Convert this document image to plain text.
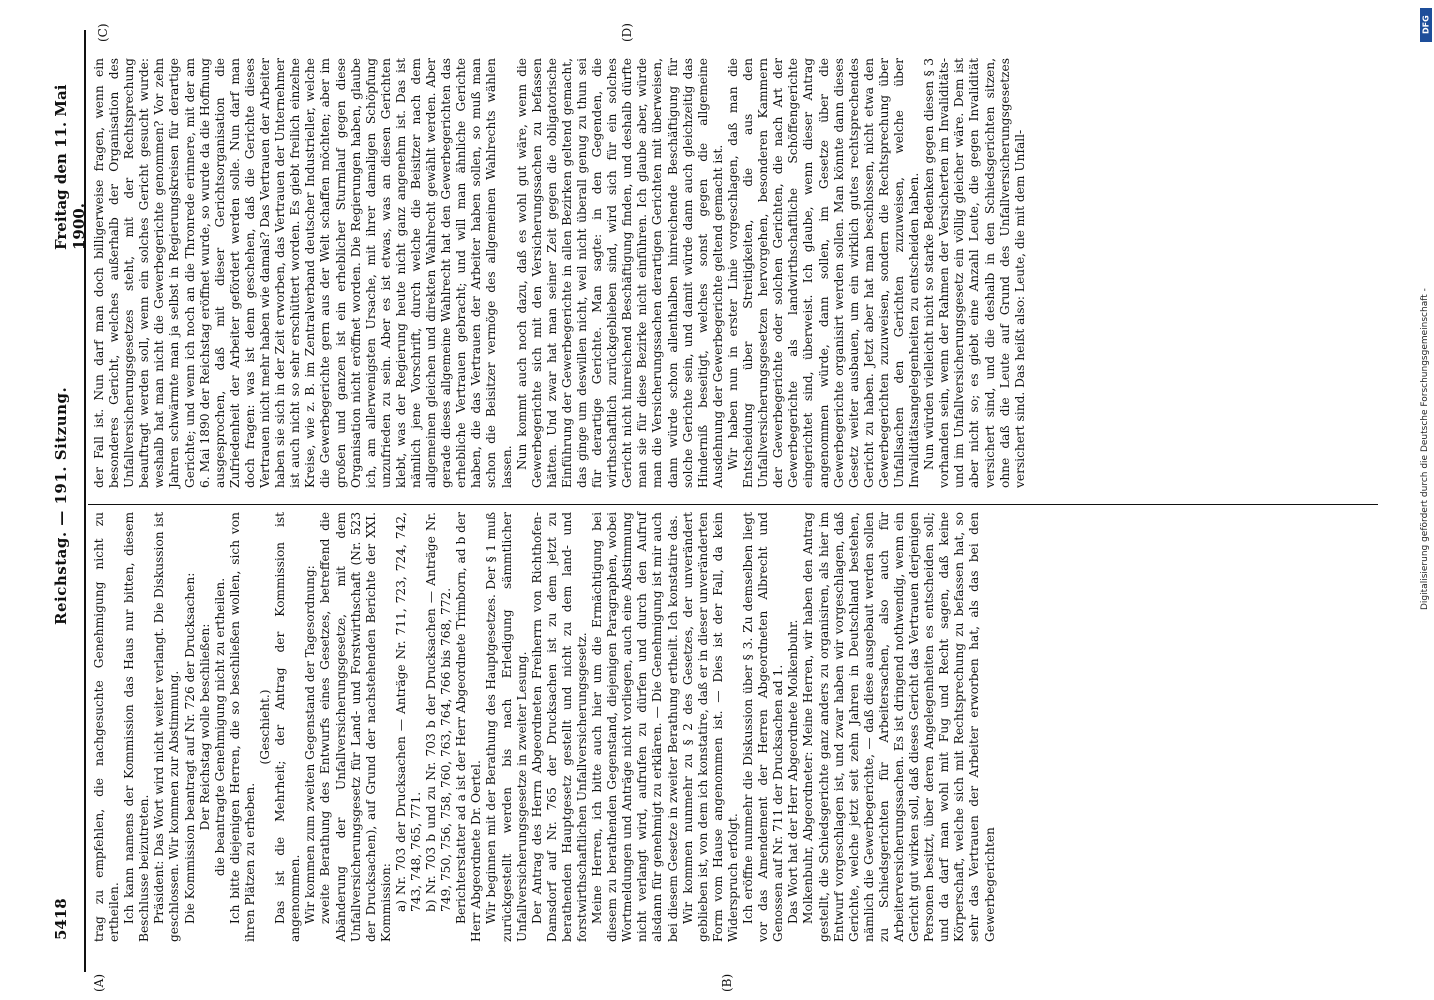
5418
Reichstag. — 191. Sitzung.
Freitag den 11. Mai 1900.
(A)	(B)
(C)	(D)

trag zu empfehlen, die nachgesuchte Genehmigung nicht zu ertheilen. Ich kann namens der Kommission das Haus nur bitten, diesem Beschlusse beizutreten. Präsident: Das Wort wird nicht weiter verlangt. Die Diskussion ist geschlossen. Wir kommen zur Abstimmung. Die Kommission beantragt auf Nr. 726 der Drucksachen: Der Reichstag wolle beschließen: die beantragte Genehmigung nicht zu ertheilen. Ich bitte diejenigen Herren, die so beschließen wollen, sich von ihren Plätzen zu erheben.

(Geschieht.) Das ist die Mehrheit; der Antrag der Kommission ist angenommen. Wir kommen zum zweiten Gegenstand der Tagesordnung: zweite Berathung des Entwurfs eines Gesetzes, betreffend die Abänderung der Unfallversicherungsgesetze, mit dem Unfallversicherungsgesetz für Land- und Forstwirthschaft (Nr. 523 der Drucksachen), auf Grund der nachstehenden Berichte der XXI. Kommission: a) Nr. 703 der Drucksachen — Anträge Nr. 711, 723, 724, 742, 743, 748, 765, 771. b) Nr. 703 b und zu Nr. 703 b der Drucksachen — Anträge Nr. 749, 750, 756, 758, 760, 763, 764, 766 bis 768, 772. Berichterstatter ad a ist der Herr Abgeordnete Trimborn, ad b der Herr Abgeordnete Dr. Oertel. Wir beginnen mit der Berathung des Hauptgesetzes. Der § 1 muß zurückgestellt werden bis nach Erledigung sämmtlicher Unfallversicherungsgesetze in zweiter Lesung. Der Antrag des Herrn Abgeordneten Freiherrn von Richthofen-Damsdorf auf Nr. 765 der Drucksachen ist zu dem jetzt zu berathenden Hauptgesetz gestellt und nicht zu dem land- und forstwirthschaftlichen Unfallversicherungsgesetz. Meine Herren, ich bitte auch hier um die Ermächtigung bei diesem zu berathenden Gegenstand, diejenigen Paragraphen, wobei Wortmeldungen und Anträge nicht vorliegen, auch eine Abstimmung nicht verlangt wird, aufrufen zu dürfen und durch den Aufruf alsdann für genehmigt zu erklären. — Die Genehmigung ist mir auch bei diesem Gesetze in zweiter Berathung ertheilt. Ich konstatire das. Wir kommen nunmehr zu § 2 des Gesetzes, der unverändert geblieben ist, von dem ich konstatire, daß er in dieser unveränderten Form vom Hause angenommen ist. — Dies ist der Fall, da kein Widerspruch erfolgt. Ich eröffne nunmehr die Diskussion über § 3. Zu demselben liegt vor das Amendement der Herren Abgeordneten Albrecht und Genossen auf Nr. 711 der Drucksachen ad 1. Das Wort hat der Herr Abgeordnete Molkenbuhr. Molkenbuhr, Abgeordneter: Meine Herren, wir haben den Antrag gestellt, die Schiedsgerichte ganz anders zu organisiren, als hier im Entwurf vorgeschlagen ist, und zwar haben wir vorgeschlagen, daß Gerichte, welche jetzt seit zehn Jahren in Deutschland bestehen, nämlich die Gewerbegerichte, — daß diese ausgebaut werden sollen zu Schiedsgerichten für Arbeitersachen, also auch für Arbeiterversicherungssachen. Es ist dringend nothwendig, wenn ein Gericht gut wirken soll, daß dieses Gericht das Vertrauen derjenigen Personen besitzt, über deren Angelegenheiten es entscheiden soll; und da darf man wohl mit Fug und Recht sagen, daß keine Körperschaft, welche sich mit Rechtsprechung zu befassen hat, so sehr das Vertrauen der Arbeiter erworben hat, als das bei den Gewerbegerichten

der Fall ist. Nun darf man doch billigerweise fragen, wenn ein besonderes Gericht, welches außerhalb der Organisation des Unfallversicherungsgesetzes steht, mit der Rechtsprechung beauftragt werden soll, wenn ein solches Gericht gesucht wurde: weshalb hat man nicht die Gewerbegerichte genommen? Vor zehn Jahren schwärmte man ja selbst in Regierungskreisen für derartige Gerichte; und wenn ich noch an die Thronrede erinnere, mit der am 6. Mai 1890 der Reichstag eröffnet wurde, so wurde da die Hoffnung ausgesprochen, daß mit dieser Gerichtsorganisation die Zufriedenheit der Arbeiter gefördert werden solle. Nun darf man doch fragen: was ist denn geschehen, daß die Gerichte dieses Vertrauen nicht mehr haben wie damals? Das Vertrauen der Arbeiter haben sie sich in der Zeit erworben, das Vertrauen der Unternehmer ist auch nicht so sehr erschüttert worden. Es giebt freilich einzelne Kreise, wie z. B. im Zentralverband deutscher Industrieller, welche die Gewerbegerichte gern aus der Welt schaffen möchten; aber im großen und ganzen ist ein erheblicher Sturmlauf gegen diese Organisation nicht eröffnet worden. Die Regierungen haben, glaube ich, am allerwenigsten Ursache, mit ihrer damaligen Schöpfung unzufrieden zu sein. Aber es ist etwas, was an diesen Gerichten klebt, was der Regierung heute nicht ganz angenehm ist. Das ist nämlich jene Vorschrift, durch welche die Beisitzer nach dem allgemeinen gleichen und direkten Wahlrecht gewählt werden. Aber gerade dieses allgemeine Wahlrecht hat den Gewerbegerichten das erhebliche Vertrauen gebracht; und will man ähnliche Gerichte haben, die das Vertrauen der Arbeiter haben sollen, so muß man schon die Beisitzer vermöge des allgemeinen Wahlrechts wählen lassen. Nun kommt auch noch dazu, daß es wohl gut wäre, wenn die Gewerbegerichte sich mit den Versicherungssachen zu befassen hätten. Und zwar hat man seiner Zeit gegen die obligatorische Einführung der Gewerbegerichte in allen Bezirken geltend gemacht, das ginge um deswillen nicht, weil nicht überall genug zu thun sei für derartige Gerichte. Man sagte: in den Gegenden, die wirthschaftlich zurückgeblieben sind, wird sich für ein solches Gericht nicht hinreichend Beschäftigung finden, und deshalb dürfte man sie für diese Bezirke nicht einführen. Ich glaube aber, würde man die Versicherungssachen derartigen Gerichten mit überweisen, dann würde schon allenthalben hinreichende Beschäftigung für solche Gerichte sein, und damit würde dann auch gleichzeitig das Hinderniß beseitigt, welches sonst gegen die allgemeine Ausdehnung der Gewerbegerichte geltend gemacht ist. Wir haben nun in erster Linie vorgeschlagen, daß man die Entscheidung über Streitigkeiten, die aus den Unfallversicherungsgesetzen hervorgehen, besonderen Kammern der Gewerbegerichte oder solchen Gerichten, die nach Art der Gewerbegerichte als landwirthschaftliche Schöffengerichte eingerichtet sind, überweist. Ich glaube, wenn dieser Antrag angenommen würde, dann sollen, im Gesetze über die Gewerbegerichte organisirt werden sollen. Man könnte dann dieses Gesetz weiter ausbauen, um ein wirklich gutes rechtsprechendes Gericht zu haben. Jetzt aber hat man beschlossen, nicht etwa den Gewerbegerichten zuzuweisen, sondern die Rechtsprechung über Unfallsachen den Gerichten zuzuweisen, welche über Invaliditätsangelegenheiten zu entscheiden haben. Nun würden vielleicht nicht so starke Bedenken gegen diesen § 3 vorhanden sein, wenn der Rahmen der Versicherten im Invaliditäts- und im Unfallversicherungsgesetz ein völlig gleicher wäre. Dem ist aber nicht so; es giebt eine Anzahl Leute, die gegen Invalidität versichert sind, und die deshalb in den Schiedsgerichten sitzen, ohne daß die Leute auf Grund des Unfallversicherungsgesetzes versichert sind. Das heißt also: Leute, die mit dem Unfall-

DFG
Digitalisierung gefördert durch die Deutsche Forschungsgemeinschaft -
